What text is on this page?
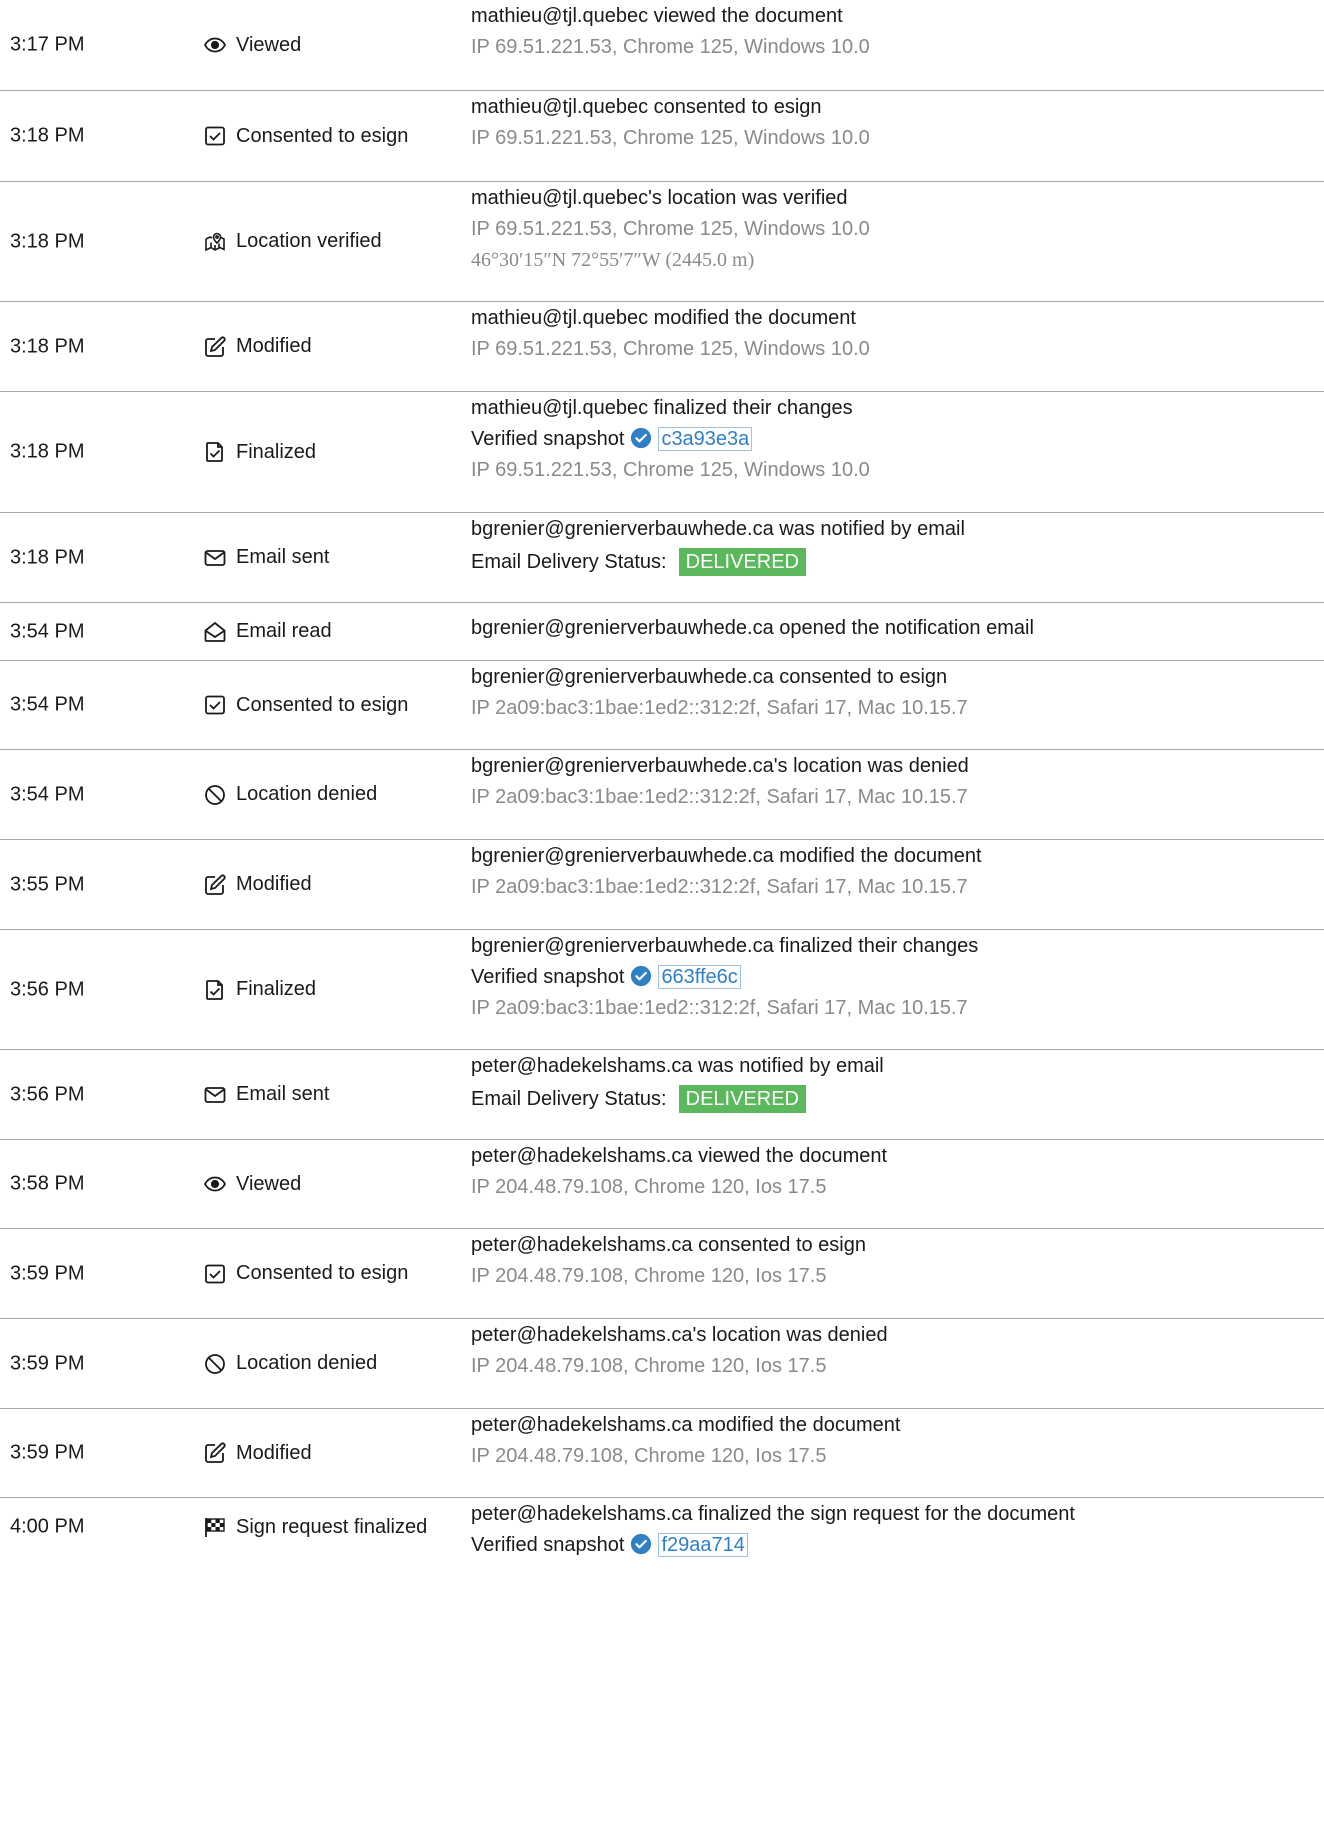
3:17 PM	Viewed
mathieu@tjl.quebec viewed the document
IP 69.51.221.53, Chrome 125, Windows 10.0
3:18 PM	Consented to esign
mathieu@tjl.quebec consented to esign
IP 69.51.221.53, Chrome 125, Windows 10.0
3:18 PM	Location verified
mathieu@tjl.quebec's location was verified
IP 69.51.221.53, Chrome 125, Windows 10.0
46°30′15″N 72°55′7″W (2445.0 m)
3:18 PM	Modified
mathieu@tjl.quebec modified the document
IP 69.51.221.53, Chrome 125, Windows 10.0
3:18 PM	Finalized
mathieu@tjl.quebec finalized their changes
Verified snapshot c3a93e3a
IP 69.51.221.53, Chrome 125, Windows 10.0
3:18 PM	Email sent
bgrenier@grenierverbauwhede.ca was notified by email
Email Delivery Status: DELIVERED
3:54 PM	Email read	bgrenier@grenierverbauwhede.ca opened the notification email
3:54 PM	Consented to esign
bgrenier@grenierverbauwhede.ca consented to esign
IP 2a09:bac3:1bae:1ed2::312:2f, Safari 17, Mac 10.15.7
3:54 PM	Location denied
bgrenier@grenierverbauwhede.ca's location was denied
IP 2a09:bac3:1bae:1ed2::312:2f, Safari 17, Mac 10.15.7
3:55 PM	Modified
bgrenier@grenierverbauwhede.ca modified the document
IP 2a09:bac3:1bae:1ed2::312:2f, Safari 17, Mac 10.15.7
3:56 PM	Finalized
bgrenier@grenierverbauwhede.ca finalized their changes
Verified snapshot 663ffe6c
IP 2a09:bac3:1bae:1ed2::312:2f, Safari 17, Mac 10.15.7
3:56 PM	Email sent
peter@hadekelshams.ca was notified by email
Email Delivery Status: DELIVERED
3:58 PM	Viewed
peter@hadekelshams.ca viewed the document
IP 204.48.79.108, Chrome 120, Ios 17.5
3:59 PM	Consented to esign
peter@hadekelshams.ca consented to esign
IP 204.48.79.108, Chrome 120, Ios 17.5
3:59 PM	Location denied
peter@hadekelshams.ca's location was denied
IP 204.48.79.108, Chrome 120, Ios 17.5
3:59 PM	Modified
peter@hadekelshams.ca modified the document
IP 204.48.79.108, Chrome 120, Ios 17.5
4:00 PM	Sign request finalized
peter@hadekelshams.ca finalized the sign request for the document
Verified snapshot f29aa714
